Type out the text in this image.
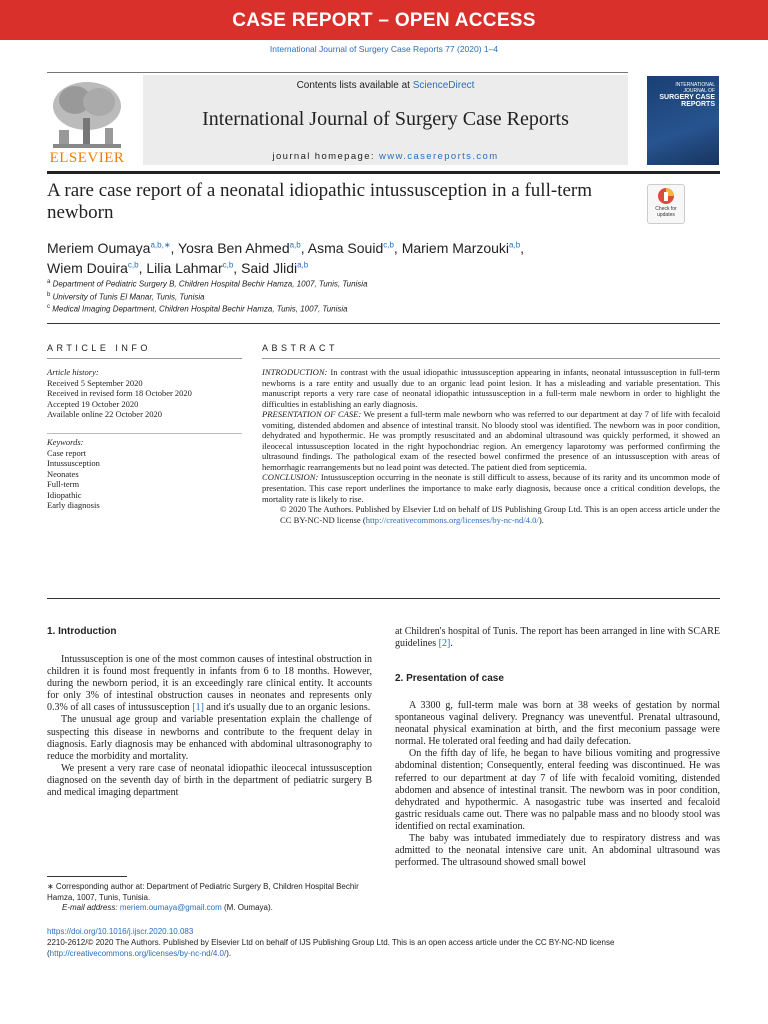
CASE REPORT – OPEN ACCESS
International Journal of Surgery Case Reports 77 (2020) 1–4
ELSEVIER
Contents lists available at ScienceDirect
International Journal of Surgery Case Reports
journal homepage: www.casereports.com
INTERNATIONAL JOURNAL OF
SURGERY CASE REPORTS
A rare case report of a neonatal idiopathic intussusception in a full-term newborn	Check for updates
Meriem Oumaya$^{a,b,∗}$, Yosra Ben Ahmed$^{a,b}$, Asma Souid$^{c,b}$, Mariem Marzouki$^{a,b}$,
Wiem Douira$^{c,b}$, Lilia Lahmar$^{c,b}$, Said Jlidi$^{a,b}$
$^a$ Department of Pediatric Surgery B, Children Hospital Bechir Hamza, 1007, Tunis, Tunisia
$^b$ University of Tunis El Manar, Tunis, Tunisia
$^c$ Medical Imaging Department, Children Hospital Bechir Hamza, Tunis, 1007, Tunisia
ARTICLE INFO	ABSTRACT
Article history:
Received 5 September 2020
Received in revised form 18 October 2020
Accepted 19 October 2020
Available online 22 October 2020
Keywords:
Case report
Intussusception
Neonates
Full-term
Idiopathic
Early diagnosis

INTRODUCTION: In contrast with the usual idiopathic intussusception appearing in infants, neonatal intussusception in full-term newborns is a rare entity and usually due to an organic lead point lesion. It has a misleading and variable presentation. This manuscript reports a very rare case of neonatal idiopathic intussusception in a full-term male newborn in order to highlight the difficulties in establishing an early diagnosis.

PRESENTATION OF CASE: We present a full-term male newborn who was referred to our department at day 7 of life with fecaloid vomiting, distended abdomen and absence of intestinal transit. No bloody stool was identified. The newborn was in poor condition, dehydrated and hypothermic. He was promptly resuscitated and an abdominal ultrasound was quickly performed, it showed an ileocecal intussusception located in the right hypochondriac region. An emergency laparotomy was performed confirming the ultrasound findings. The pathological exam of the resected bowel confirmed the presence of an intussusception with areas of hemorrhagic rearrangements but no lead point was detected. The patient died from septicemia.

CONCLUSION: Intussusception occurring in the neonate is still difficult to assess, because of its rarity and its uncommon mode of presentation. This case report underlines the importance to make early diagnosis, because once a critical condition develops, the mortality rate is likely to rise.

© 2020 The Authors. Published by Elsevier Ltd on behalf of IJS Publishing Group Ltd. This is an open access article under the CC BY-NC-ND license (http://creativecommons.org/licenses/by-nc-nd/4.0/).

1. Introduction

Intussusception is one of the most common causes of intestinal obstruction in children it is found most frequently in infants from 6 to 18 months. However, during the newborn period, it is an exceedingly rare clinical entity. It accounts for only 3% of intestinal obstruction causes in neonates and represents only 0.3% of all cases of intussusception [1] and it's usually due to an organic lesions.

The unusual age group and variable presentation explain the challenge of suspecting this disease in newborns and contribute to the frequent delay in diagnosis. Early diagnosis may be enhanced with abdominal ultrasonography to reduce the morbidity and mortality.

We present a very rare case of neonatal idiopathic ileocecal intussusception diagnosed on the seventh day of birth in the department of pediatric surgery B and medical imaging department

∗ Corresponding author at: Department of Pediatric Surgery B, Children Hospital Bechir Hamza, 1007, Tunis, Tunisia.
E-mail address: meriem.oumaya@gmail.com (M. Oumaya).

at Children's hospital of Tunis. The report has been arranged in line with SCARE guidelines [2].

2. Presentation of case

A 3300 g, full-term male was born at 38 weeks of gestation by normal spontaneous vaginal delivery. Pregnancy was uneventful. Prenatal ultrasound, neonatal physical examination at birth, and the first meconium passage were normal. He tolerated oral feeding and had daily defecation.

On the fifth day of life, he began to have bilious vomiting and progressive abdominal distention; Consequently, enteral feeding was discontinued. He was referred to our department at day 7 of life with fecaloid vomiting, distended abdomen and absence of intestinal transit. The newborn was in poor condition, dehydrated and hypothermic. A nasogastric tube was inserted and fecaloid gastric residuals came out. There was no palpable mass and no bloody stool was identified on rectal examination.

The baby was intubated immediately due to respiratory distress and was admitted to the neonatal intensive care unit. An abdominal ultrasound was performed. The ultrasound showed small bowel

https://doi.org/10.1016/j.ijscr.2020.10.083
2210-2612/© 2020 The Authors. Published by Elsevier Ltd on behalf of IJS Publishing Group Ltd. This is an open access article under the CC BY-NC-ND license (http://creativecommons.org/licenses/by-nc-nd/4.0/).
